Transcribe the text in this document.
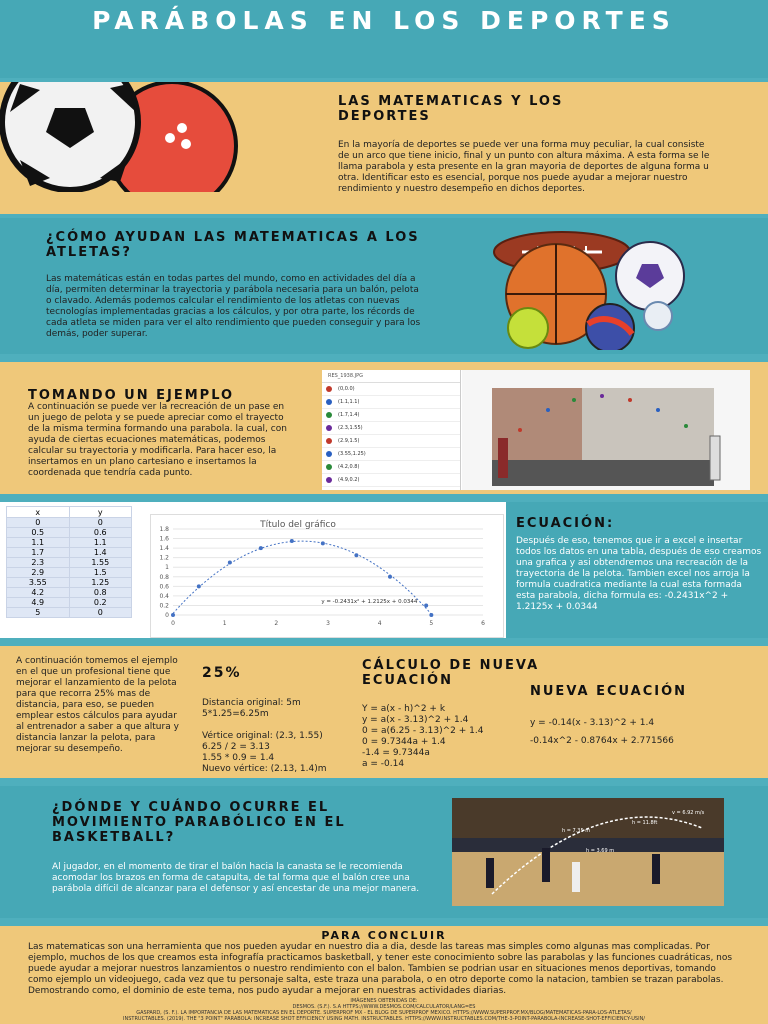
PARÁBOLAS EN LOS DEPORTES
LAS MATEMATICAS Y LOS DEPORTES
En la mayoría de deportes se puede ver una forma muy peculiar, la cual consiste de un arco que tiene inicio, final y un punto con altura máxima. A esta forma se le llama parabola y esta presente en la gran mayoria de deportes de alguna forma u otra. Identificar esto es esencial, porque nos puede ayudar a mejorar nuestro rendimiento y nuestro desempeño en dichos deportes.
¿CÓMO AYUDAN LAS MATEMATICAS A LOS ATLETAS?
Las matemáticas están en todas partes del mundo, como en actividades del día a día, permiten determinar la trayectoria y parábola necesaria para un balón, pelota o clavado. Además podemos calcular el rendimiento de los atletas con nuevas tecnologías implementadas gracias a los cálculos, y por otra parte, los récords de cada atleta se miden para ver el alto rendimiento que pueden conseguir y para los demás, poder superar.
TOMANDO UN EJEMPLO
A continuación se puede ver la recreación de un pase en un juego de pelota y se puede apreciar como el trayecto de la misma termina formando una parabola. la cual, con ayuda de ciertas ecuaciones matemáticas, podemos calcular su trayectoria y modificarla. Para hacer eso, la insertamos en un plano cartesiano e insertamos la coordenada que tendría cada punto.
RES_1938.JPG
(0,0.0)
(1.1,1.1)
(1.7,1.4)
(2.3,1.55)
(2.9,1.5)
(3.55,1.25)
(4.2,0.8)
(4.9,0.2)
x	y
0	0
0.5	0.6
1.1	1.1
1.7	1.4
2.3	1.55
2.9	1.5
3.55	1.25
4.2	0.8
4.9	0.2
5	0	0
0.2
0.4
0.6
0.8
1
1.2
1.4
1.6
1.8
0	1	2	3	4	5	6
Título del gráfico
y = -0.2431x² + 1.2125x + 0.0344
ECUACIÓN:
Después de eso, tenemos que ir a excel e insertar todos los datos en una tabla, después de eso creamos una grafica y asi obtendremos una recreación de la trayectoria de la pelota. Tambien excel nos arroja la formula cuadratica mediante la cual esta formada esta parabola, dicha formula es: -0.2431x^2 + 1.2125x + 0.0344
A continuación tomemos el ejemplo en el que un profesional tiene que mejorar el lanzamiento de la pelota para que recorra 25% mas de distancia, para eso, se pueden emplear estos cálculos para ayudar al entrenador a saber a que altura y distancia lanzar la pelota, para mejorar su desempeño.
25%
Distancia original: 5m
5*1.25=6.25m
Vértice original: (2.3, 1.55)
6.25 / 2 = 3.13
1.55 * 0.9 = 1.4
Nuevo vértice: (2.13, 1.4)m
CÁLCULO DE NUEVA ECUACIÓN
Y = a(x - h)^2 + k
y = a(x - 3.13)^2 + 1.4
0 = a(6.25 - 3.13)^2 + 1.4
0 = 9.7344a + 1.4
-1.4 = 9.7344a
a = -0.14
NUEVA ECUACIÓN
y = -0.14(x - 3.13)^2 + 1.4
-0.14x^2 - 0.8764x + 2.771566
¿DÓNDE Y CUÁNDO OCURRE EL MOVIMIENTO PARABÓLICO EN EL BASKETBALL?
Al jugador, en el momento de tirar el balón hacia la canasta se le recomienda acomodar los brazos en forma de catapulta, de tal forma que el balón cree una parábola difícil de alcanzar para el defensor y así encestar de una mejor manera.
h = 11.8ft
h = 7.35 m
h = 3.69 m
v = 6.92 m/s
PARA CONCLUIR
Las matematicas son una herramienta que nos pueden ayudar en nuestro dia a dia, desde las tareas mas simples como algunas mas complicadas. Por ejemplo, muchos de los que creamos esta infografía practicamos basketball, y tener este conocimiento sobre las parabolas y las funciones cuadráticas, nos puede ayudar a mejorar nuestros lanzamientos o nuestro rendimiento con el balon. Tambien se podrian usar en situaciones menos deportivas, tomando como ejemplo un videojuego, cada vez que tu personaje salta, este traza una parabola, o en otro deporte como la natacion, tambien se trazan parabolas. Demostrando como, el dominio de este tema, nos pudo ayudar a mejorar en nuestras actividades diarias.
IMÁGENES OBTENIDAS DE:
DESMOS. (S.F.). S.A HTTPS://WWW.DESMOS.COM/CALCULATOR/LANG=ES
GASPARD, (S. F.). LA IMPORTANCIA DE LAS MATEMÁTICAS EN EL DEPORTE. SUPERPROF MX - EL BLOG DE SUPERPROF MÉXICO. HTTPS://WWW.SUPERPROF.MX/BLOG/MATEMATICAS-PARA-LOS-ATLETAS/
INSTRUCTABLES. (2019). THE "3 POINT" PARABOLA: INCREASE SHOT EFFICIENCY USING MATH. INSTRUCTABLES. HTTPS://WWW.INSTRUCTABLES.COM/THE-3-POINT-PARABOLA-INCREASE-SHOT-EFFICIENCY-USIN/
